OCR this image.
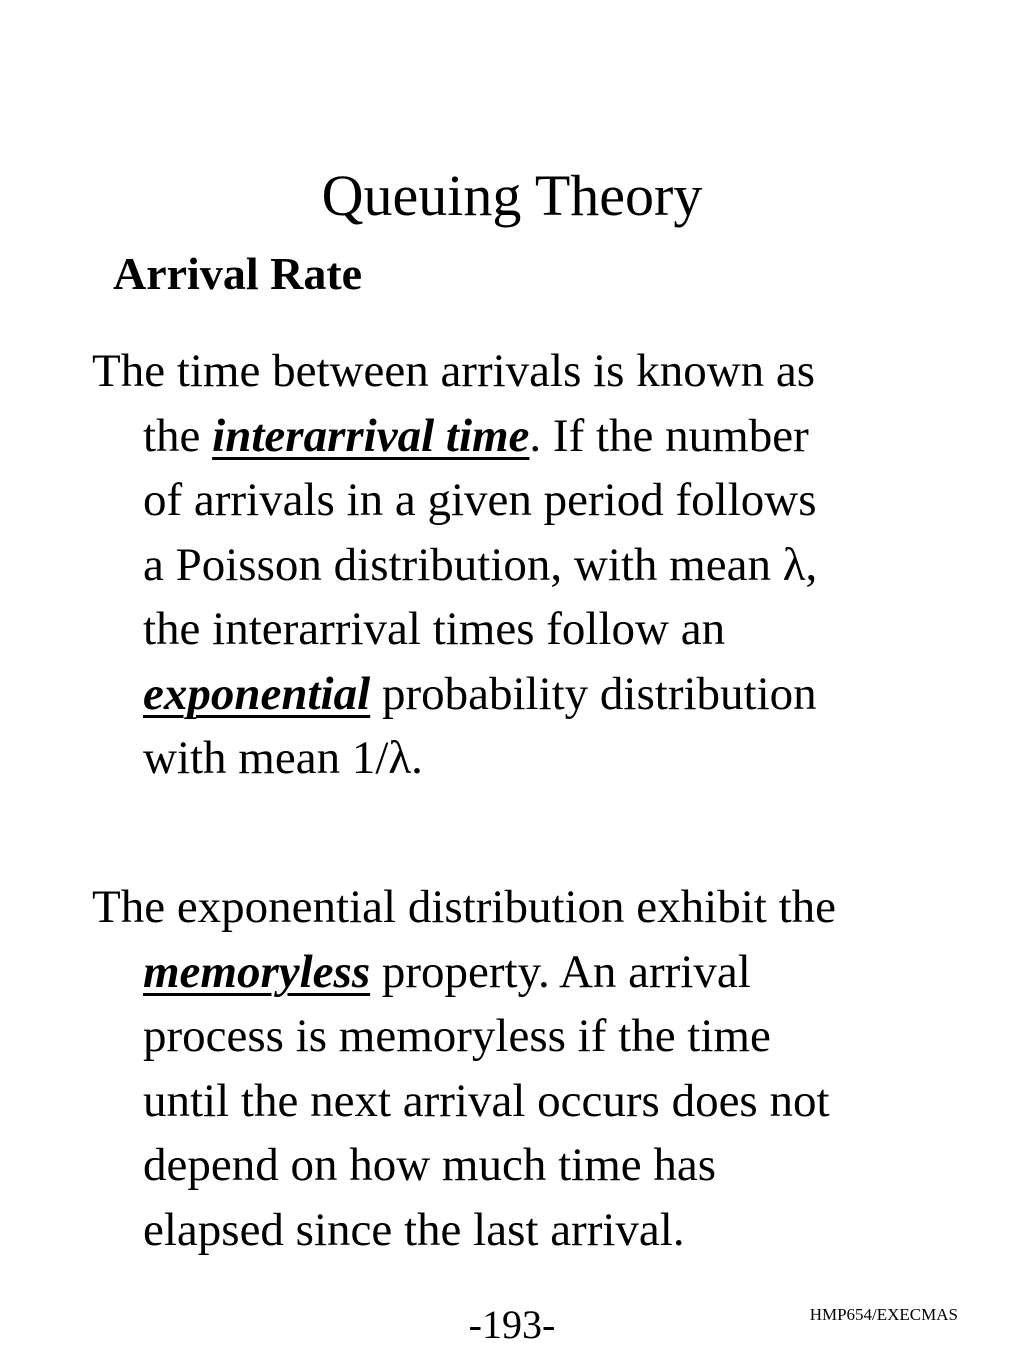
Queuing Theory
Arrival Rate
The time between arrivals is known as
the interarrival time. If the number
of arrivals in a given period follows
a Poisson distribution, with mean λ,
the interarrival times follow an
exponential probability distribution
with mean 1/λ.
The exponential distribution exhibit the
memoryless property. An arrival
process is memoryless if the time
until the next arrival occurs does not
depend on how much time has
elapsed since the last arrival.
-193-	HMP654/EXECMAS
